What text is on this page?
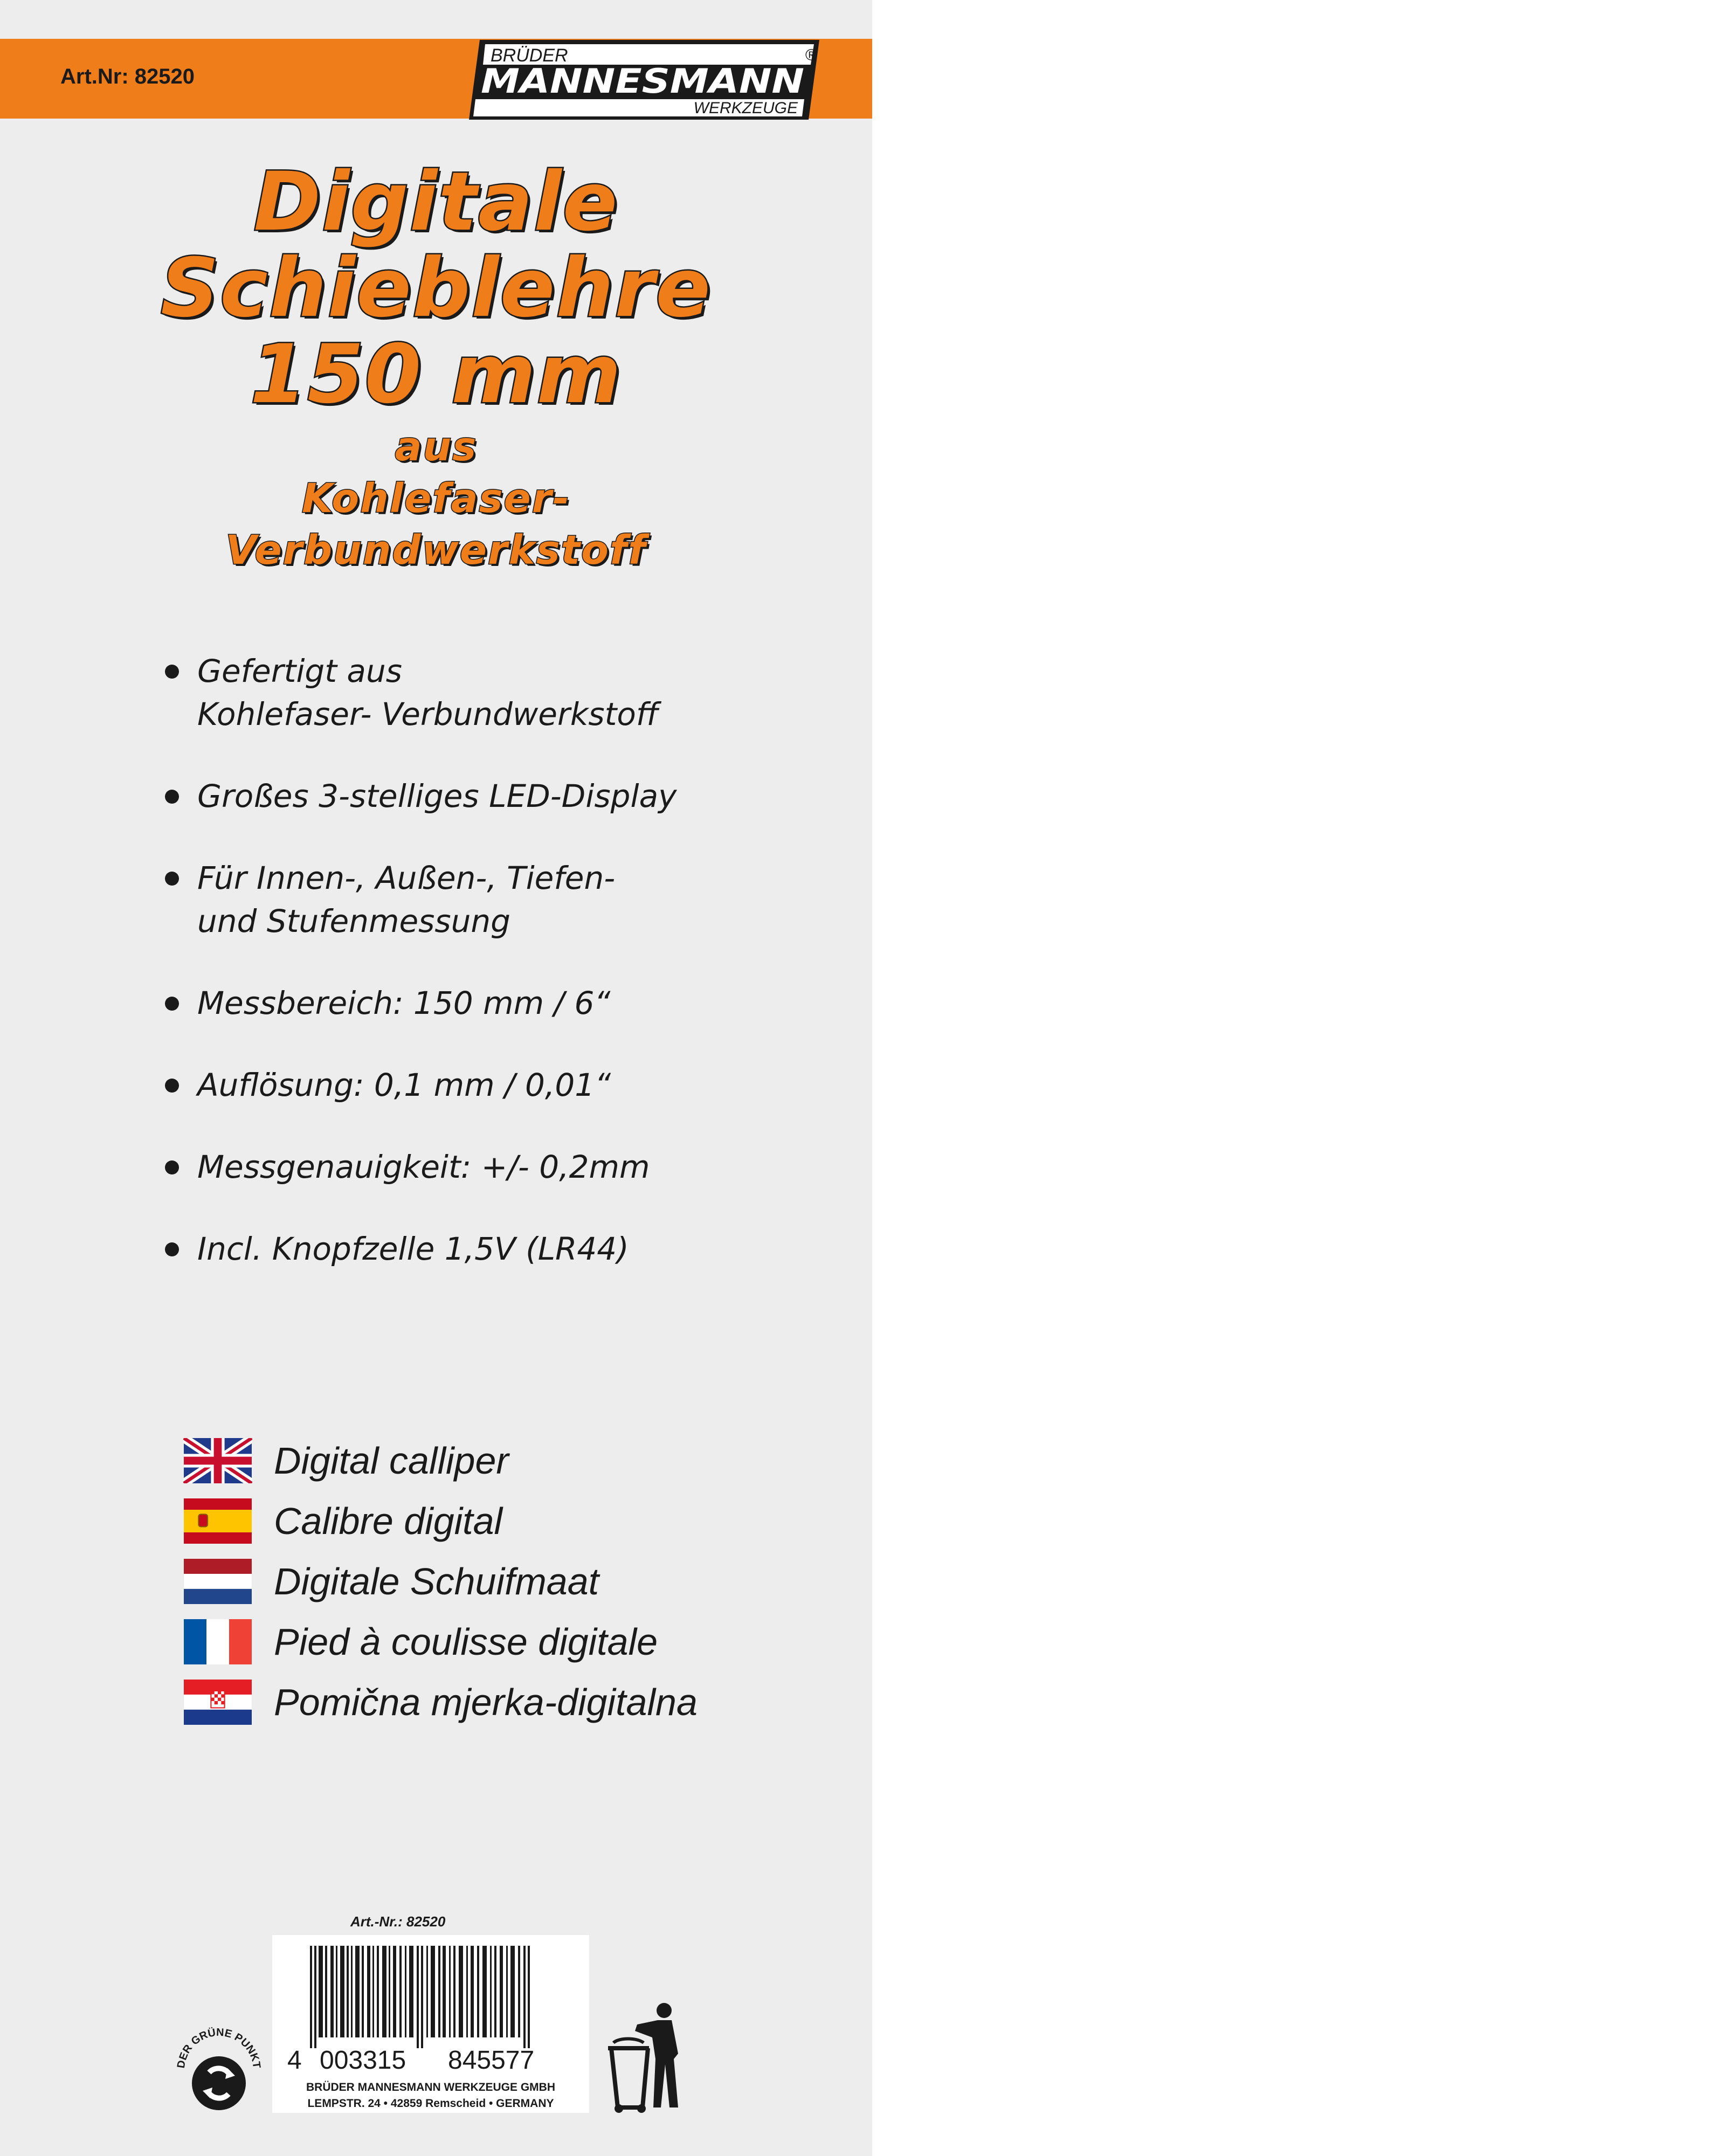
Art.Nr: 82520
BRÜDER	®
MANNESMANN
WERKZEUGE
Digitale
Schieblehre
150 mm
aus
Kohlefaser-
Verbundwerkstoff
Gefertigt aus
Kohlefaser- Verbundwerkstoff
Großes 3-stelliges LED-Display
Für Innen-, Außen-, Tiefen-
und Stufenmessung
Messbereich: 150 mm / 6“
Auflösung: 0,1 mm / 0,01“
Messgenauigkeit: +/- 0,2mm
Incl. Knopfzelle 1,5V (LR44)
Digital calliper
Calibre digital
Digitale Schuifmaat
Pied à coulisse digitale
Pomična mjerka-digitalna
Art.-Nr.: 82520
4 003315 845577
BRÜDER MANNESMANN WERKZEUGE GMBH
LEMPSTR. 24 • 42859 Remscheid • GERMANY
DER GRÜNE PUNKT
